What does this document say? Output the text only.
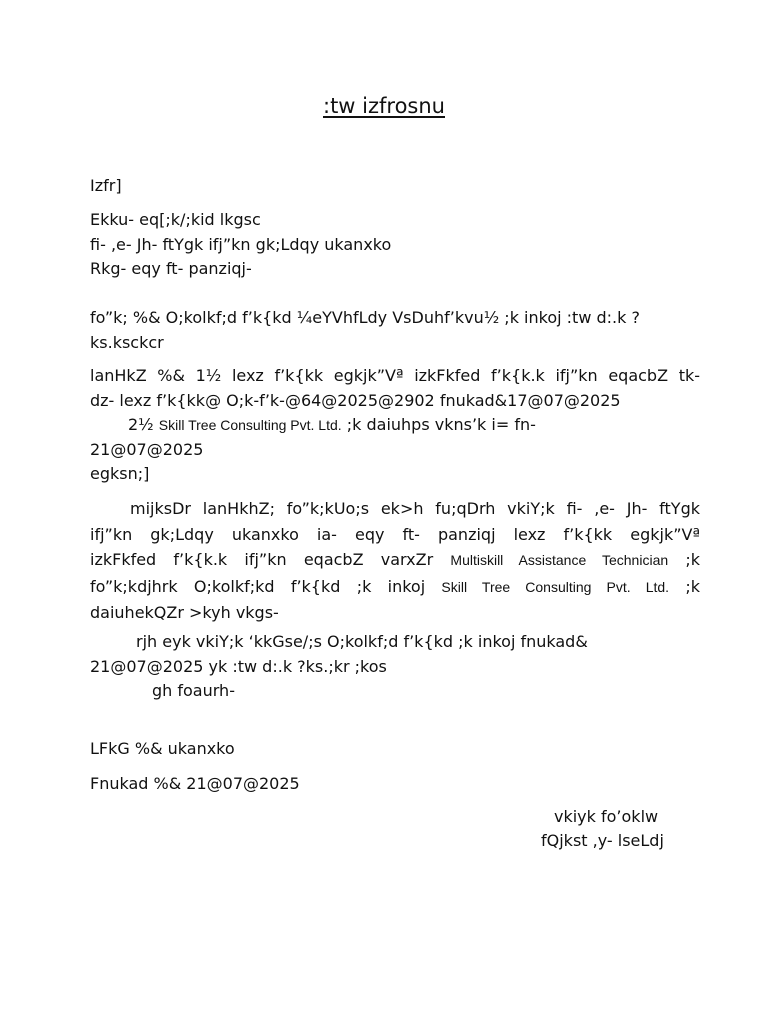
:tw izfrosnu
Izfr]
Ekku- eq[;k/;kid lkgsc
fi- ,e- Jh- ftYgk ifj”kn gk;Ldqy ukanxko
Rkg- eqy ft- panziqj-
fo”k; %& O;kolkf;d f’k{kd ¼eYVhfLdy VsDuhf’kvu½ ;k inkoj :tw d:.k ?
ks.ksckcr
lanHkZ %& 1½ lexz f’k{kk egkjk”Vª izkFkfed f’k{k.k ifj”kn eqacbZ tk-
dz- lexz f’k{kk@ O;k-f’k-@64@2025@2902 fnukad&17@07@2025
2½ Skill Tree Consulting Pvt. Ltd. ;k daiuhps vkns’k i= fn-
21@07@2025
egksn;]
mijksDr lanHkhZ; fo”k;kUo;s ek>h fu;qDrh vkiY;k fi- ,e- Jh- ftYgk
ifj”kn gk;Ldqy ukanxko ia- eqy ft- panziqj lexz f’k{kk egkjk”Vª
izkFkfed f’k{k.k ifj”kn eqacbZ varxZr Multiskill Assistance Technician ;k
fo”k;kdjhrk O;kolkf;kd f’k{kd ;k inkoj Skill Tree Consulting Pvt. Ltd. ;k
daiuhekQZr >kyh vkgs-
rjh eyk vkiY;k ‘kkGse/;s O;kolkf;d f’k{kd ;k inkoj fnukad&
21@07@2025 yk :tw d:.k ?ks.;kr ;kos
gh foaurh-
LFkG %& ukanxko
Fnukad %& 21@07@2025
vkiyk fo’oklw
fQjkst ,y- lseLdj
